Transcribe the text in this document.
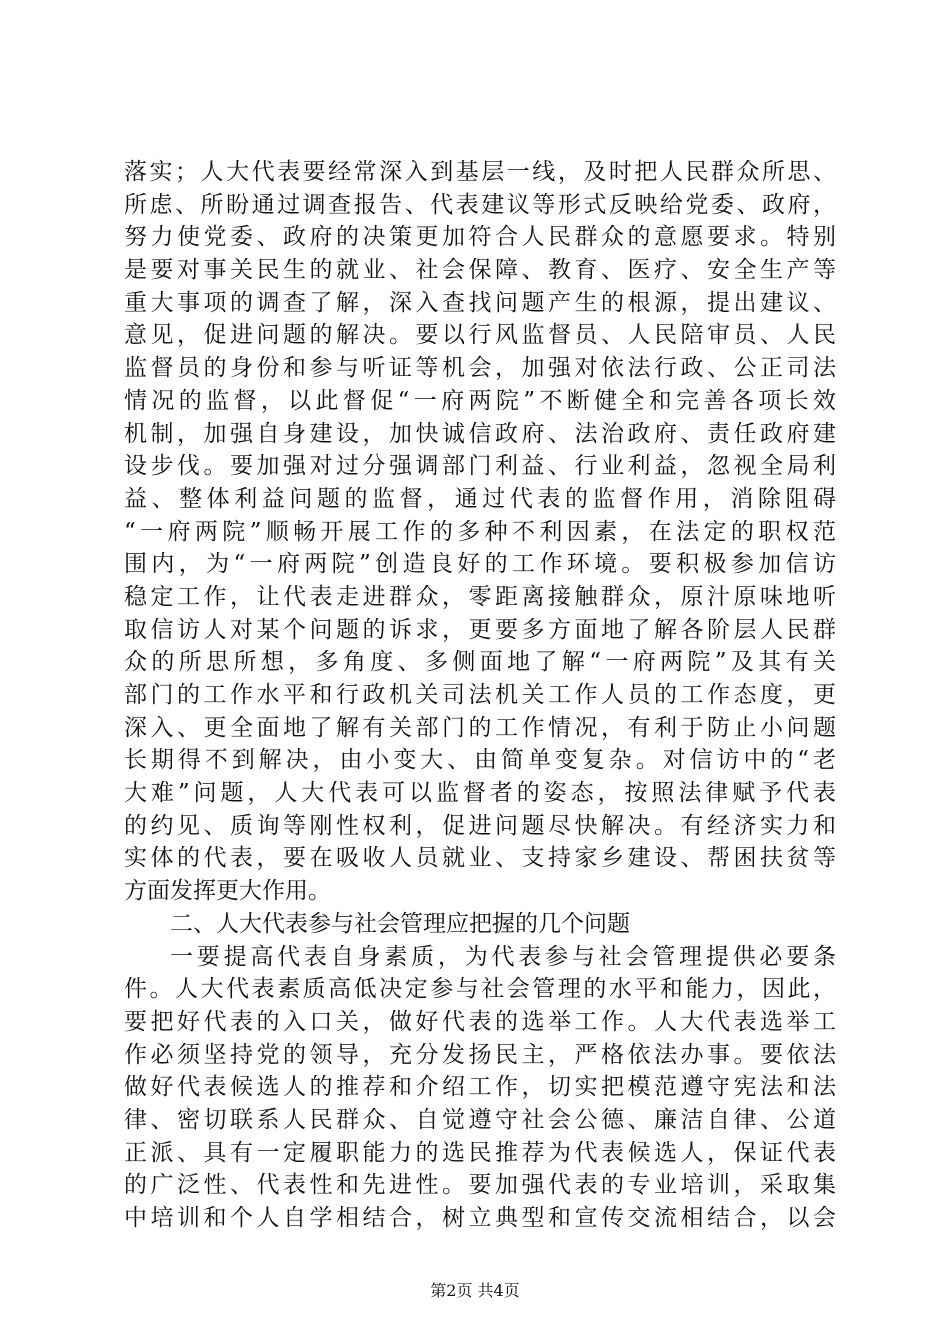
落实；人大代表要经常深入到基层一线，及时把人民群众所思、
所虑、所盼通过调查报告、代表建议等形式反映给党委、政府，
努力使党委、政府的决策更加符合人民群众的意愿要求。特别
是要对事关民生的就业、社会保障、教育、医疗、安全生产等
重大事项的调查了解，深入查找问题产生的根源，提出建议、
意见，促进问题的解决。要以行风监督员、人民陪审员、人民
监督员的身份和参与听证等机会，加强对依法行政、公正司法
情况的监督，以此督促“一府两院”不断健全和完善各项长效
机制，加强自身建设，加快诚信政府、法治政府、责任政府建
设步伐。要加强对过分强调部门利益、行业利益，忽视全局利
益、整体利益问题的监督，通过代表的监督作用，消除阻碍
“一府两院”顺畅开展工作的多种不利因素，在法定的职权范
围内，为“一府两院”创造良好的工作环境。要积极参加信访
稳定工作，让代表走进群众，零距离接触群众，原汁原味地听
取信访人对某个问题的诉求，更要多方面地了解各阶层人民群
众的所思所想，多角度、多侧面地了解“一府两院”及其有关
部门的工作水平和行政机关司法机关工作人员的工作态度，更
深入、更全面地了解有关部门的工作情况，有利于防止小问题
长期得不到解决，由小变大、由简单变复杂。对信访中的“老
大难”问题，人大代表可以监督者的姿态，按照法律赋予代表
的约见、质询等刚性权利，促进问题尽快解决。有经济实力和
实体的代表，要在吸收人员就业、支持家乡建设、帮困扶贫等
方面发挥更大作用。
二、人大代表参与社会管理应把握的几个问题
一要提高代表自身素质，为代表参与社会管理提供必要条
件。人大代表素质高低决定参与社会管理的水平和能力，因此，
要把好代表的入口关，做好代表的选举工作。人大代表选举工
作必须坚持党的领导，充分发扬民主，严格依法办事。要依法
做好代表候选人的推荐和介绍工作，切实把模范遵守宪法和法
律、密切联系人民群众、自觉遵守社会公德、廉洁自律、公道
正派、具有一定履职能力的选民推荐为代表候选人，保证代表
的广泛性、代表性和先进性。要加强代表的专业培训，采取集
中培训和个人自学相结合，树立典型和宣传交流相结合，以会
第2页 共4页
